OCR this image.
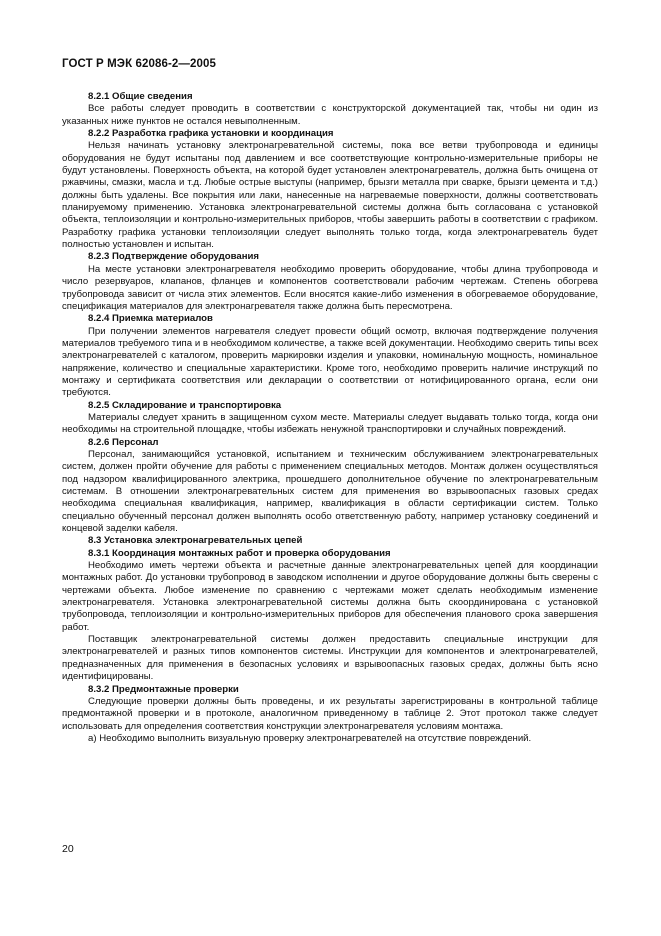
ГОСТ Р МЭК 62086-2—2005
8.2.1 Общие сведения

Все работы следует проводить в соответствии с конструкторской документацией так, чтобы ни один из указанных ниже пунктов не остался невыполненным.

8.2.2 Разработка графика установки и координация

Нельзя начинать установку электронагревательной системы, пока все ветви трубопровода и единицы оборудования не будут испытаны под давлением и все соответствующие контрольно-измерительные приборы не будут установлены. Поверхность объекта, на которой будет установлен электронагреватель, должна быть очищена от ржавчины, смазки, масла и т.д. Любые острые выступы (например, брызги металла при сварке, брызги цемента и т.д.) должны быть удалены. Все покрытия или лаки, нанесенные на нагреваемые поверхности, должны соответствовать планируемому применению. Установка электронагревательной системы должна быть согласована с установкой объекта, теплоизоляции и контрольно-измерительных приборов, чтобы завершить работы в соответствии с графиком. Разработку графика установки теплоизоляции следует выполнять только тогда, когда электронагреватель будет полностью установлен и испытан.

8.2.3 Подтверждение оборудования

На месте установки электронагревателя необходимо проверить оборудование, чтобы длина трубопровода и число резервуаров, клапанов, фланцев и компонентов соответствовали рабочим чертежам. Степень обогрева трубопровода зависит от числа этих элементов. Если вносятся какие-либо изменения в обогреваемое оборудование, спецификация материалов для электронагревателя также должна быть пересмотрена.

8.2.4 Приемка материалов

При получении элементов нагревателя следует провести общий осмотр, включая подтверждение получения материалов требуемого типа и в необходимом количестве, а также всей документации. Необходимо сверить типы всех электронагревателей с каталогом, проверить маркировки изделия и упаковки, номинальную мощность, номинальное напряжение, количество и специальные характеристики. Кроме того, необходимо проверить наличие инструкций по монтажу и сертификата соответствия или декларации о соответствии от нотифицированного органа, если они требуются.

8.2.5 Складирование и транспортировка

Материалы следует хранить в защищенном сухом месте. Материалы следует выдавать только тогда, когда они необходимы на строительной площадке, чтобы избежать ненужной транспортировки и случайных повреждений.

8.2.6 Персонал

Персонал, занимающийся установкой, испытанием и техническим обслуживанием электронагревательных систем, должен пройти обучение для работы с применением специальных методов. Монтаж должен осуществляться под надзором квалифицированного электрика, прошедшего дополнительное обучение по электронагревательным системам. В отношении электронагревательных систем для применения во взрывоопасных газовых средах необходима специальная квалификация, например, квалификация в области сертификации систем. Только специально обученный персонал должен выполнять особо ответственную работу, например установку соединений и концевой заделки кабеля.

8.3 Установка электронагревательных цепей
8.3.1 Координация монтажных работ и проверка оборудования

Необходимо иметь чертежи объекта и расчетные данные электронагревательных цепей для координации монтажных работ. До установки трубопровод в заводском исполнении и другое оборудование должны быть сверены с чертежами объекта. Любое изменение по сравнению с чертежами может сделать необходимым изменение электронагревателя. Установка электронагревательной системы должна быть скоординирована с установкой трубопровода, теплоизоляции и контрольно-измерительных приборов для обеспечения планового срока завершения работ.

Поставщик электронагревательной системы должен предоставить специальные инструкции для электронагревателей и разных типов компонентов системы. Инструкции для компонентов и электронагревателей, предназначенных для применения в безопасных условиях и взрывоопасных газовых средах, должны быть ясно идентифицированы.

8.3.2 Предмонтажные проверки

Следующие проверки должны быть проведены, и их результаты зарегистрированы в контрольной таблице предмонтажной проверки и в протоколе, аналогичном приведенному в таблице 2. Этот протокол также следует использовать для определения соответствия конструкции электронагревателя условиям монтажа.

а) Необходимо выполнить визуальную проверку электронагревателей на отсутствие повреждений.

20
